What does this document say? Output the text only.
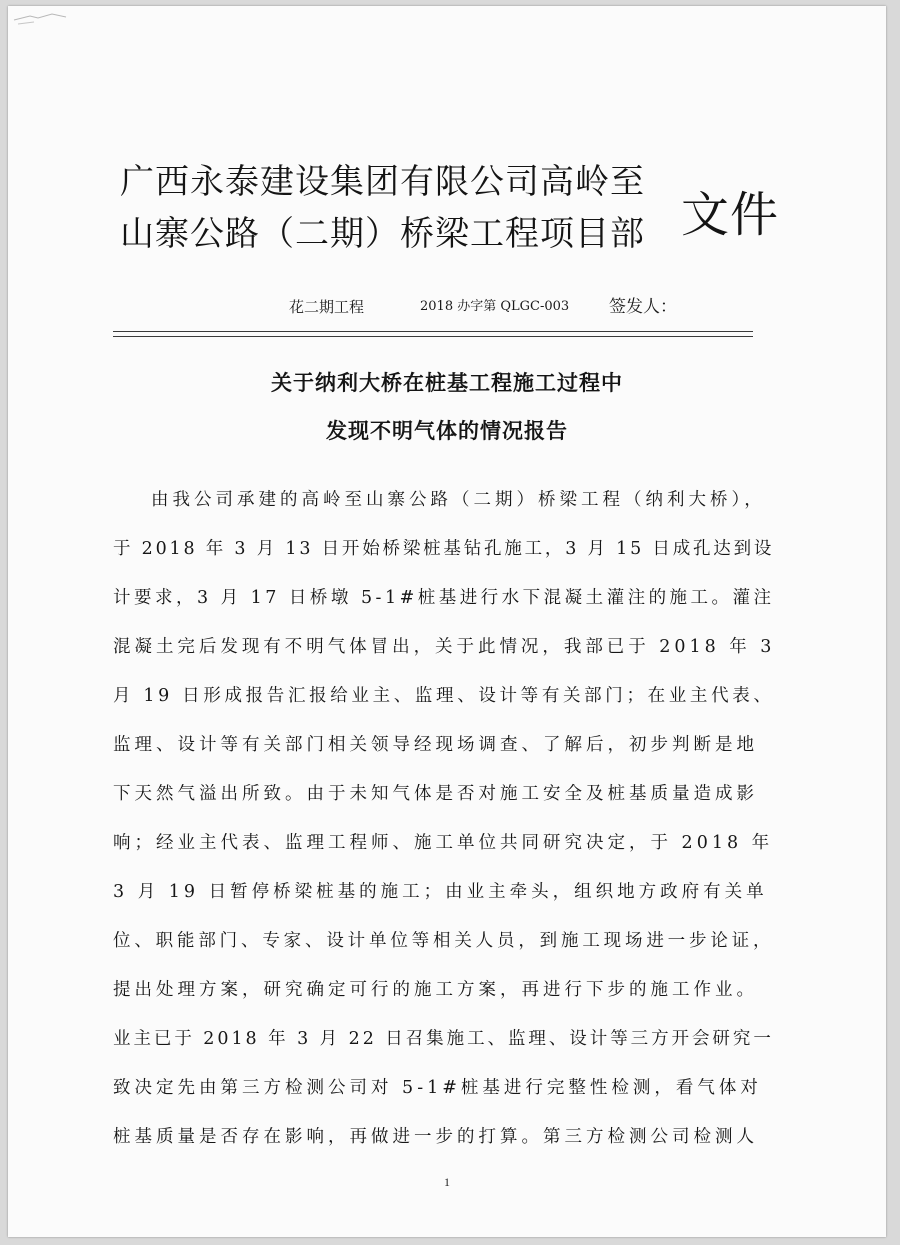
广西永泰建设集团有限公司高岭至
山寨公路（二期）桥梁工程项目部 文件
花二期工程	2018 办字第 QLGC-003 签发人：
关于纳利大桥在桩基工程施工过程中
发现不明气体的情况报告
由我公司承建的高岭至山寨公路（二期）桥梁工程（纳利大桥），
于 2018 年 3 月 13 日开始桥梁桩基钻孔施工，3 月 15 日成孔达到设
计要求，3 月 17 日桥墩 5-1#桩基进行水下混凝土灌注的施工。灌注
混凝土完后发现有不明气体冒出，关于此情况，我部已于 2018 年 3
月 19 日形成报告汇报给业主、监理、设计等有关部门；在业主代表、
监理、设计等有关部门相关领导经现场调查、了解后，初步判断是地
下天然气溢出所致。由于未知气体是否对施工安全及桩基质量造成影
响；经业主代表、监理工程师、施工单位共同研究决定，于 2018 年
3 月 19 日暂停桥梁桩基的施工；由业主牵头，组织地方政府有关单
位、职能部门、专家、设计单位等相关人员，到施工现场进一步论证，
提出处理方案，研究确定可行的施工方案，再进行下步的施工作业。
业主已于 2018 年 3 月 22 日召集施工、监理、设计等三方开会研究一
致决定先由第三方检测公司对 5-1#桩基进行完整性检测，看气体对
桩基质量是否存在影响，再做进一步的打算。第三方检测公司检测人
1
